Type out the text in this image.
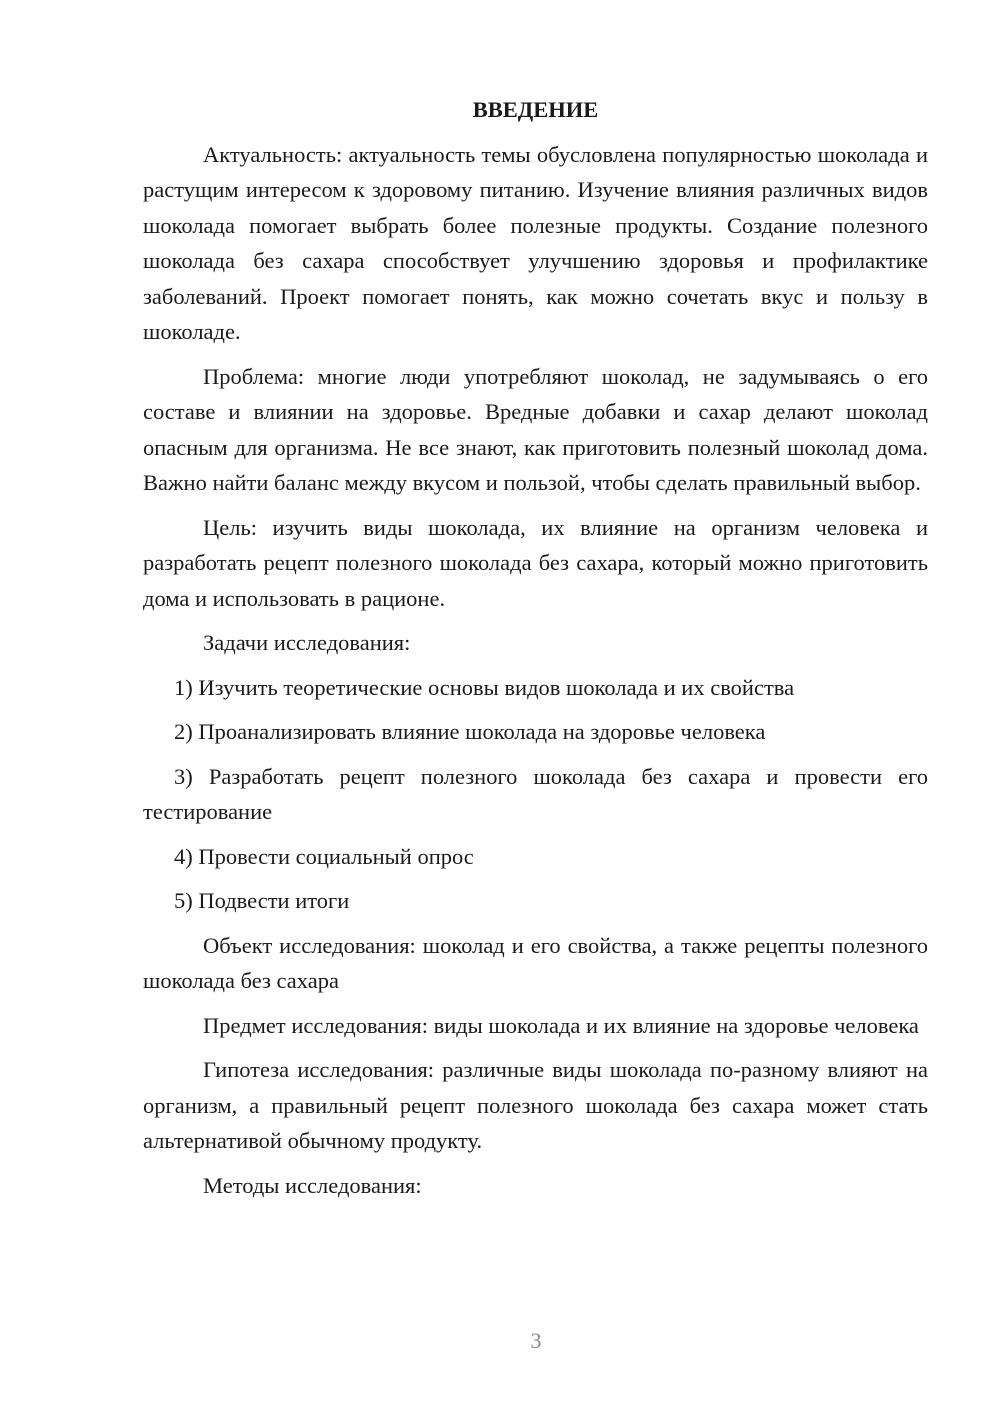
ВВЕДЕНИЕ

Актуальность: актуальность темы обусловлена популярностью шоколада и растущим интересом к здоровому питанию. Изучение влияния различных видов шоколада помогает выбрать более полезные продукты. Создание полезного шоколада без сахара способствует улучшению здоровья и профилактике заболеваний. Проект помогает понять, как можно сочетать вкус и пользу в шоколаде.

Проблема: многие люди употребляют шоколад, не задумываясь о его составе и влиянии на здоровье. Вредные добавки и сахар делают шоколад опасным для организма. Не все знают, как приготовить полезный шоколад дома. Важно найти баланс между вкусом и пользой, чтобы сделать правильный выбор.

Цель: изучить виды шоколада, их влияние на организм человека и разработать рецепт полезного шоколада без сахара, который можно приготовить дома и использовать в рационе.

Задачи исследования:

1) Изучить теоретические основы видов шоколада и их свойства

2) Проанализировать влияние шоколада на здоровье человека

3) Разработать рецепт полезного шоколада без сахара и провести его тестирование

4) Провести социальный опрос

5) Подвести итоги

Объект исследования: шоколад и его свойства, а также рецепты полезного шоколада без сахара

Предмет исследования: виды шоколада и их влияние на здоровье человека

Гипотеза исследования: различные виды шоколада по-разному влияют на организм, а правильный рецепт полезного шоколада без сахара может стать альтернативой обычному продукту.

Методы исследования:

3
